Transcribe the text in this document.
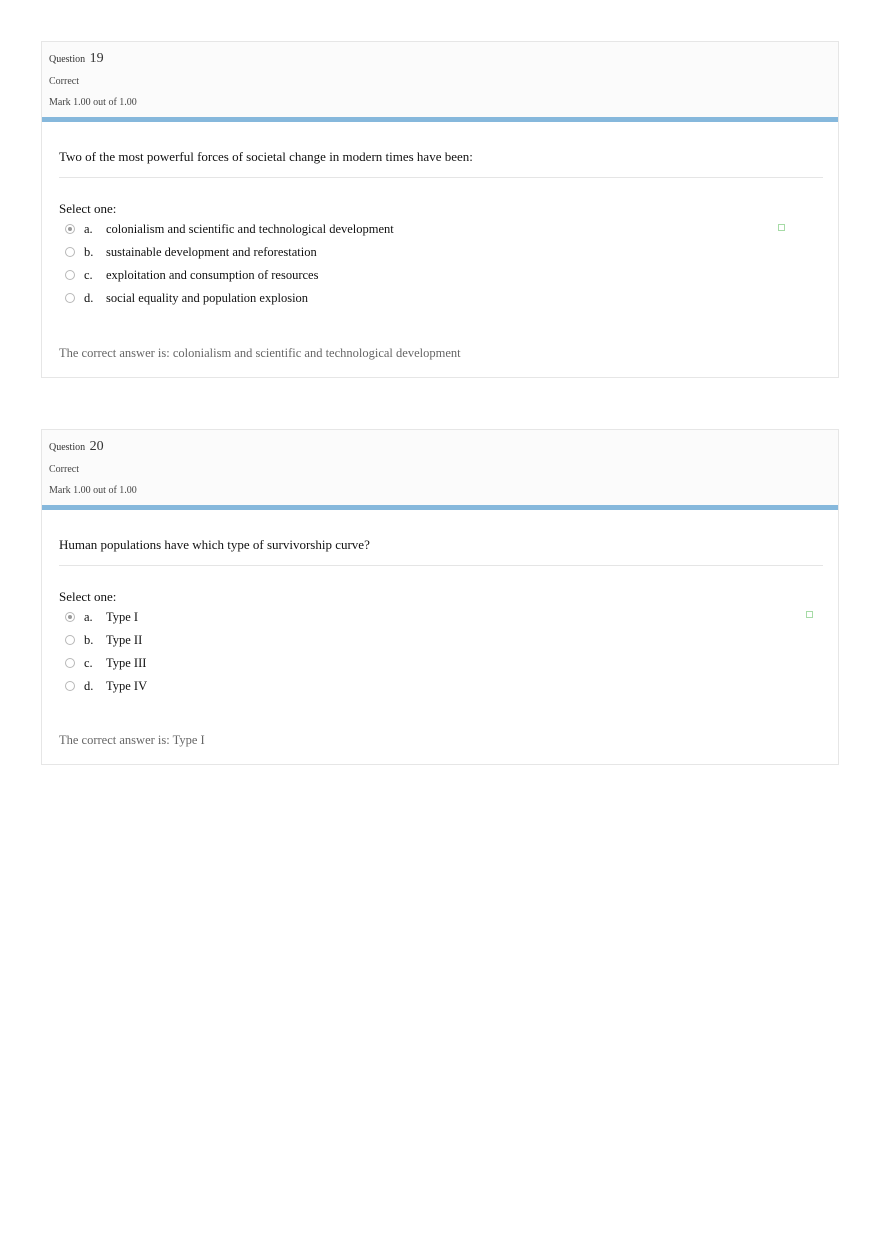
Question 19
Correct
Mark 1.00 out of 1.00
Two of the most powerful forces of societal change in modern times have been:
Select one:
a. colonialism and scientific and technological development
b. sustainable development and reforestation
c. exploitation and consumption of resources
d. social equality and population explosion
The correct answer is: colonialism and scientific and technological development
Question 20
Correct
Mark 1.00 out of 1.00
Human populations have which type of survivorship curve?
Select one:
a. Type I
b. Type II
c. Type III
d. Type IV
The correct answer is: Type I
